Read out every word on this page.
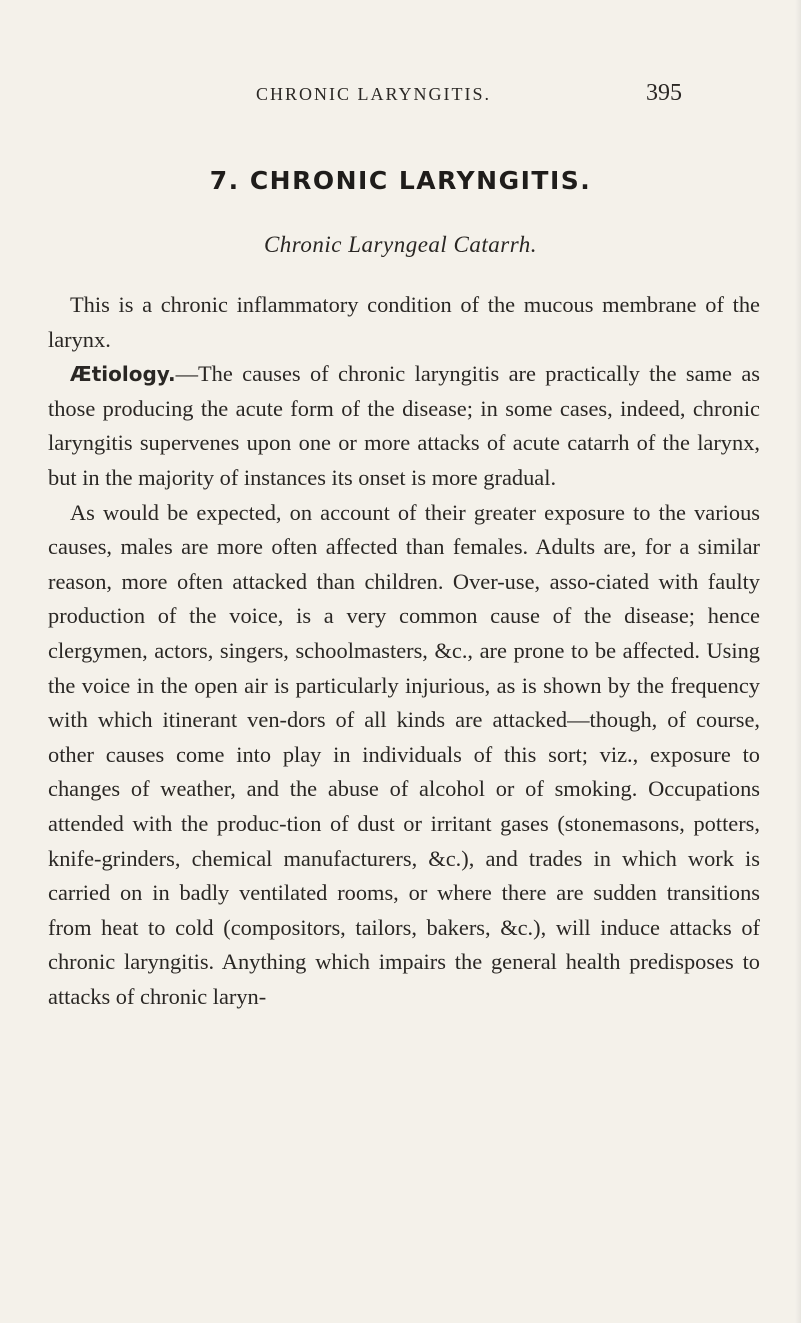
CHRONIC LARYNGITIS.	395
7. CHRONIC LARYNGITIS.
Chronic Laryngeal Catarrh.

This is a chronic inflammatory condition of the mucous membrane of the larynx.

Ætiology.—The causes of chronic laryngitis are practically the same as those producing the acute form of the disease; in some cases, indeed, chronic laryngitis supervenes upon one or more attacks of acute catarrh of the larynx, but in the majority of instances its onset is more gradual.

As would be expected, on account of their greater exposure to the various causes, males are more often affected than females. Adults are, for a similar reason, more often attacked than children. Over-use, asso-ciated with faulty production of the voice, is a very common cause of the disease; hence clergymen, actors, singers, schoolmasters, &c., are prone to be affected. Using the voice in the open air is particularly injurious, as is shown by the frequency with which itinerant ven-dors of all kinds are attacked—though, of course, other causes come into play in individuals of this sort; viz., exposure to changes of weather, and the abuse of alcohol or of smoking. Occupations attended with the produc-tion of dust or irritant gases (stonemasons, potters, knife-grinders, chemical manufacturers, &c.), and trades in which work is carried on in badly ventilated rooms, or where there are sudden transitions from heat to cold (compositors, tailors, bakers, &c.), will induce attacks of chronic laryngitis. Anything which impairs the general health predisposes to attacks of chronic laryn-
